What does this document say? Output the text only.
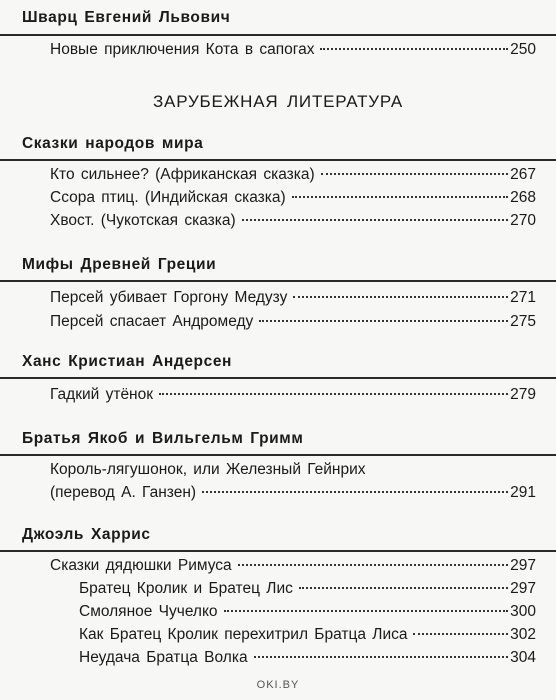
Шварц Евгений Львович
Новые приключения Кота в сапогах	250
ЗАРУБЕЖНАЯ ЛИТЕРАТУРА
Сказки народов мира
Кто сильнее? (Африканская сказка)	267
Ссора птиц. (Индийская сказка)	268
Хвост. (Чукотская сказка)	270
Мифы Древней Греции
Персей убивает Горгону Медузу	271
Персей спасает Андромеду	275
Ханс Кристиан Андерсен
Гадкий утёнок	279
Братья Якоб и Вильгельм Гримм
Король-лягушонок, или Железный Гейнрих
(перевод А. Ганзен)	291
Джоэль Харрис
Сказки дядюшки Римуса	297
Братец Кролик и Братец Лис	297
Смоляное Чучелко	300
Как Братец Кролик перехитрил Братца Лиса	302
Неудача Братца Волка	304
OKI.BY
